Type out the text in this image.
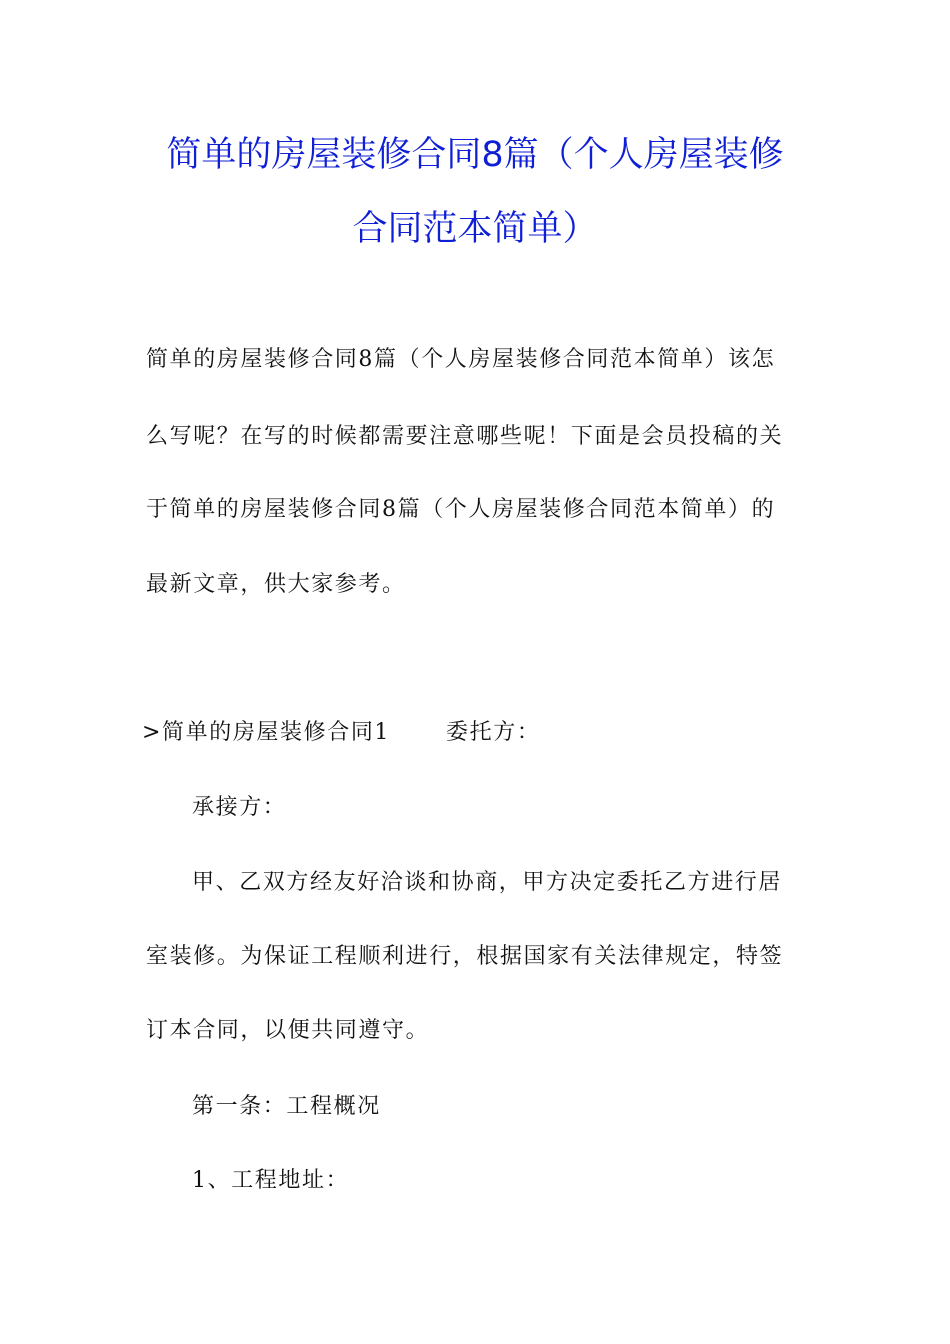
简单的房屋装修合同8篇（个人房屋装修
合同范本简单）
简单的房屋装修合同8篇（个人房屋装修合同范本简单）该怎
么写呢？在写的时候都需要注意哪些呢！下面是会员投稿的关
于简单的房屋装修合同8篇（个人房屋装修合同范本简单）的
最新文章，供大家参考。
>简单的房屋装修合同1	委托方：
承接方：
甲、乙双方经友好洽谈和协商，甲方决定委托乙方进行居
室装修。为保证工程顺利进行，根据国家有关法律规定，特签
订本合同，以便共同遵守。
第一条：工程概况
1、工程地址：
